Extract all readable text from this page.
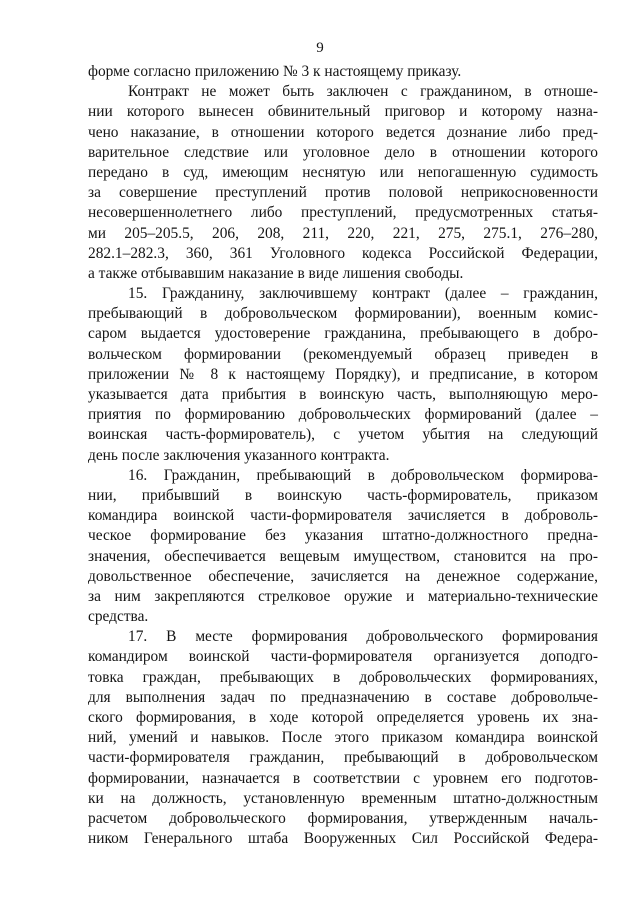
9
форме согласно приложению № 3 к настоящему приказу.
Контракт не может быть заключен с гражданином, в отноше-
нии которого вынесен обвинительный приговор и которому назна-
чено наказание, в отношении которого ведется дознание либо пред-
варительное следствие или уголовное дело в отношении которого
передано в суд, имеющим неснятую или непогашенную судимость
за совершение преступлений против половой неприкосновенности
несовершеннолетнего либо преступлений, предусмотренных статья-
ми 205–205.5, 206, 208, 211, 220, 221, 275, 275.1, 276–280,
282.1–282.3, 360, 361 Уголовного кодекса Российской Федерации,
а также отбывавшим наказание в виде лишения свободы.
15. Гражданину, заключившему контракт (далее – гражданин,
пребывающий в добровольческом формировании), военным комис-
саром выдается удостоверение гражданина, пребывающего в добро-
вольческом формировании (рекомендуемый образец приведен в
приложении № 8 к настоящему Порядку), и предписание, в котором
указывается дата прибытия в воинскую часть, выполняющую меро-
приятия по формированию добровольческих формирований (далее –
воинская часть-формирователь), с учетом убытия на следующий
день после заключения указанного контракта.
16. Гражданин, пребывающий в добровольческом формирова-
нии, прибывший в воинскую часть-формирователь, приказом
командира воинской части-формирователя зачисляется в доброволь-
ческое формирование без указания штатно-должностного предна-
значения, обеспечивается вещевым имуществом, становится на про-
довольственное обеспечение, зачисляется на денежное содержание,
за ним закрепляются стрелковое оружие и материально-технические
средства.
17. В месте формирования добровольческого формирования
командиром воинской части-формирователя организуется доподго-
товка граждан, пребывающих в добровольческих формированиях,
для выполнения задач по предназначению в составе добровольче-
ского формирования, в ходе которой определяется уровень их зна-
ний, умений и навыков. После этого приказом командира воинской
части-формирователя гражданин, пребывающий в добровольческом
формировании, назначается в соответствии с уровнем его подготов-
ки на должность, установленную временным штатно-должностным
расчетом добровольческого формирования, утвержденным началь-
ником Генерального штаба Вооруженных Сил Российской Федера-
